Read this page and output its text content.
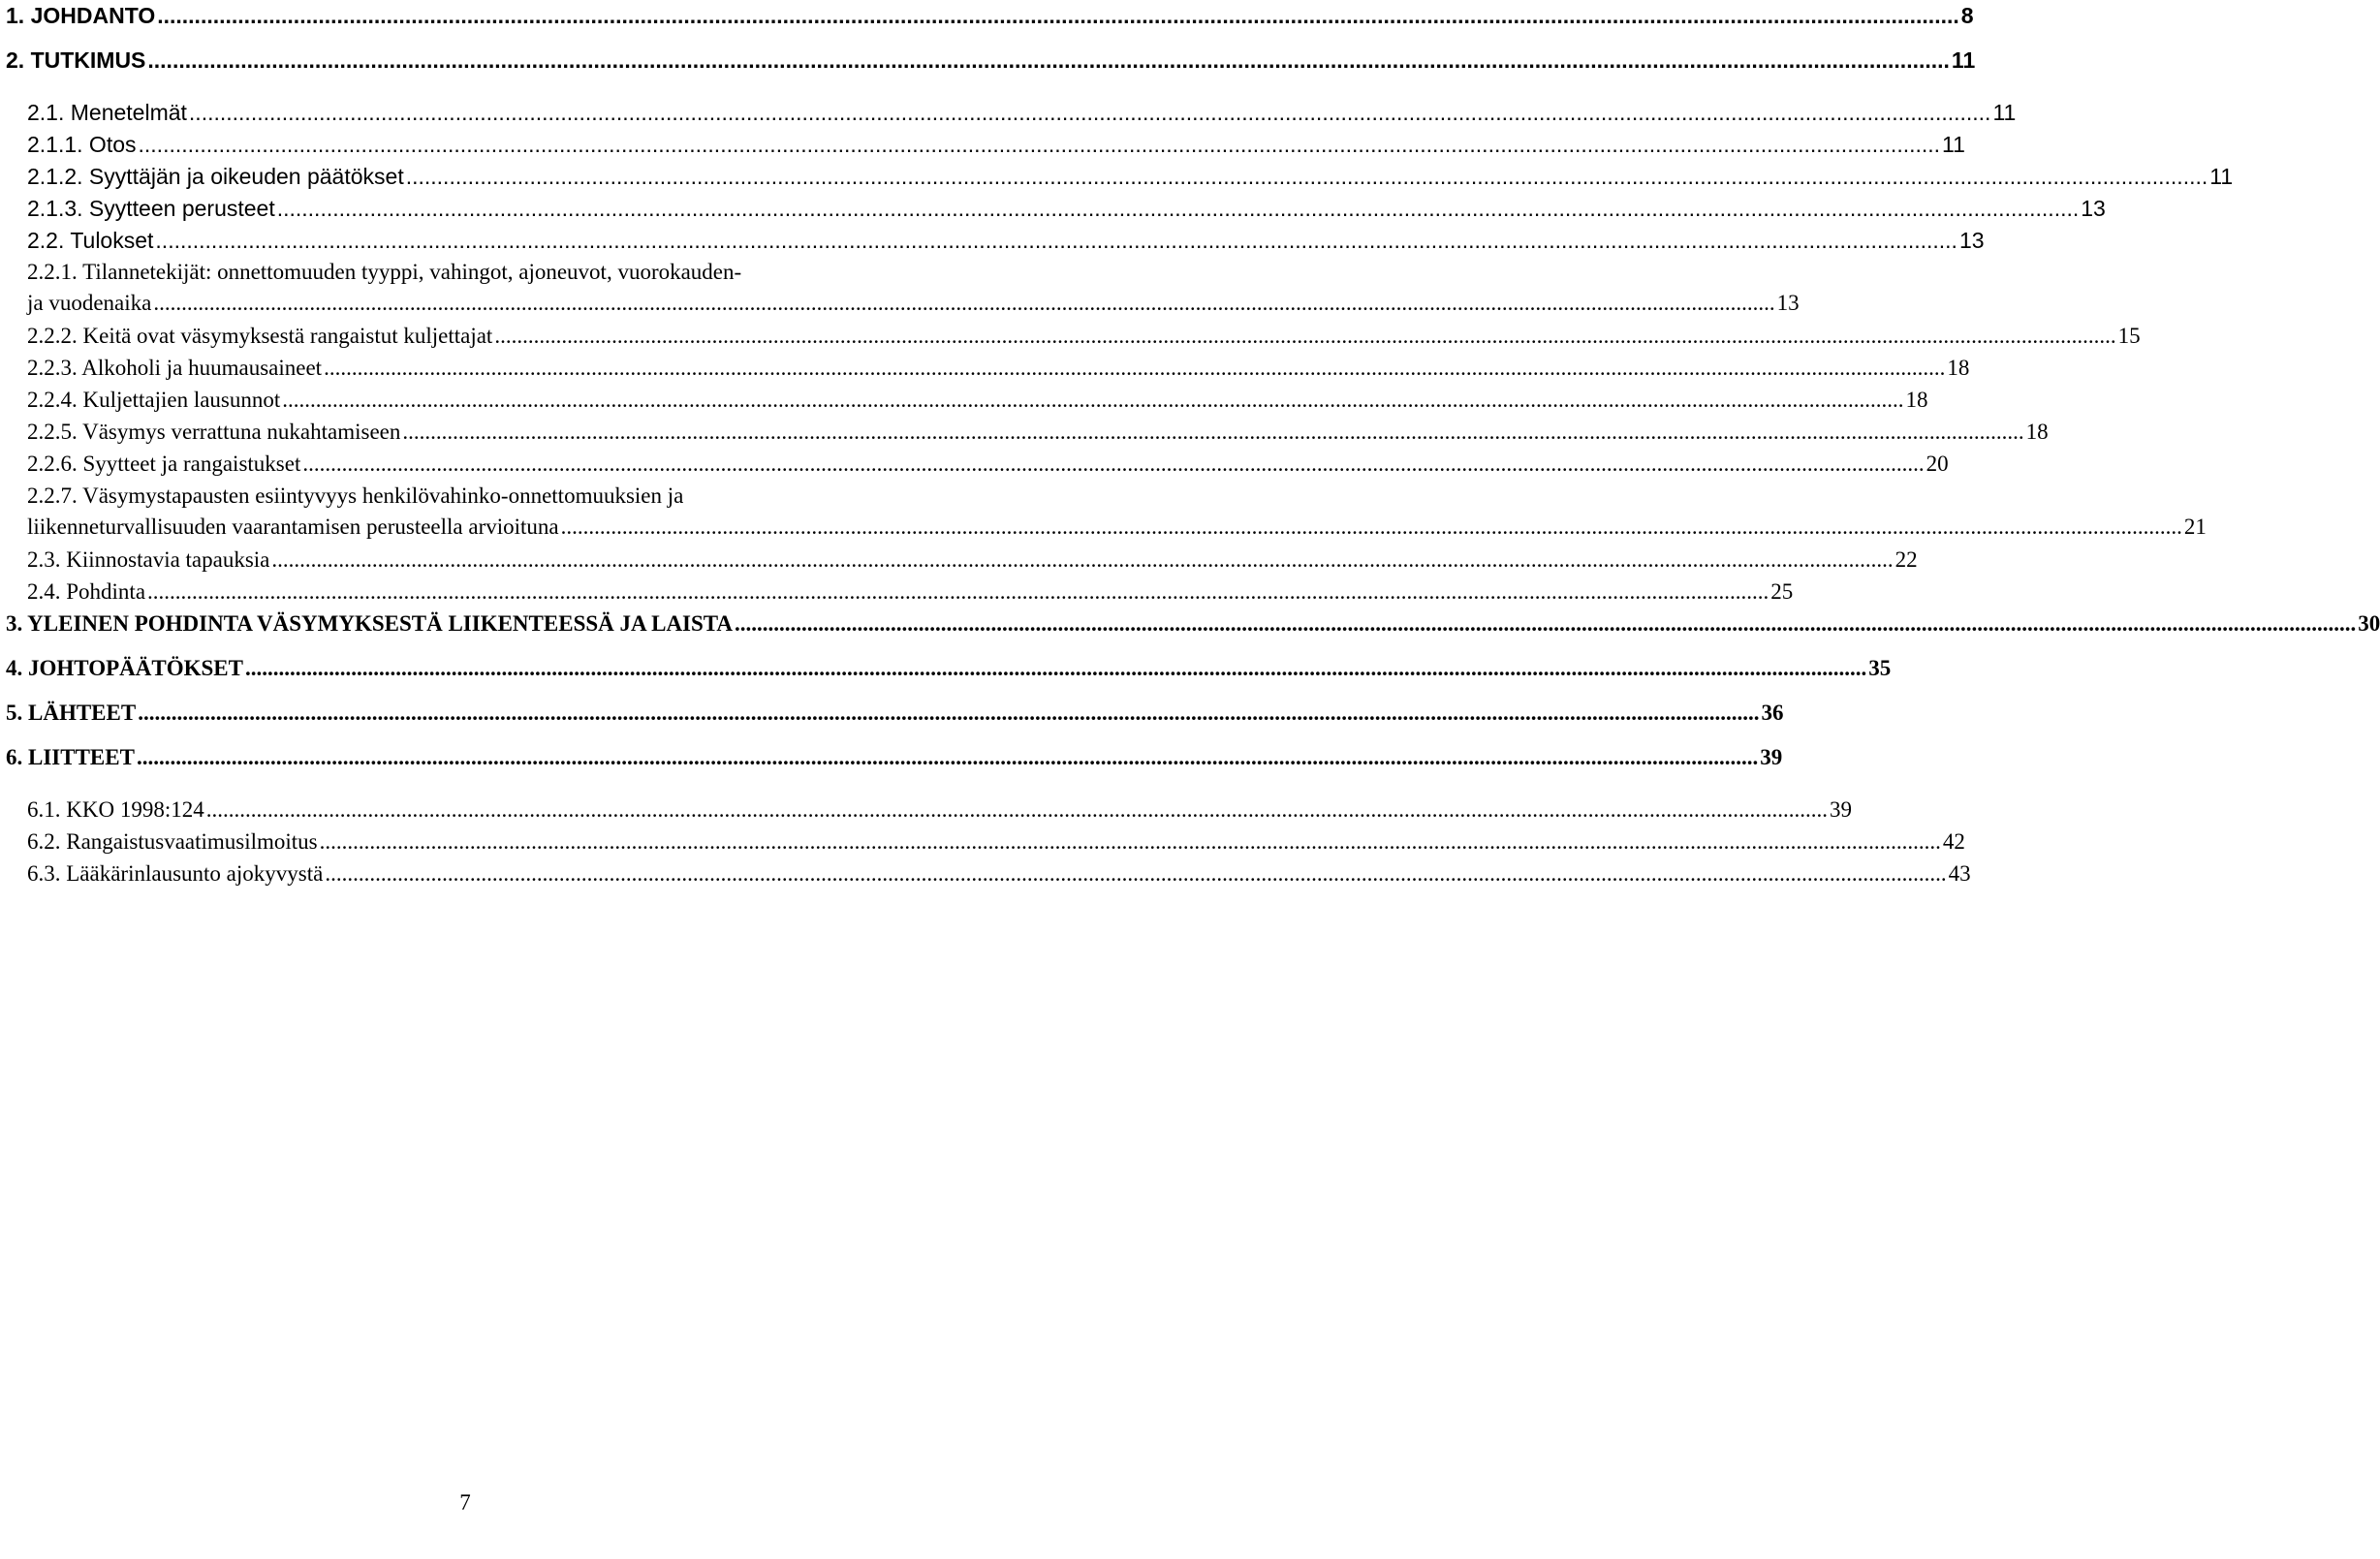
1. JOHDANTO .....	8
2. TUTKIMUS .....	11
2.1. Menetelmät .....	11
2.1.1. Otos .....	11
2.1.2. Syyttäjän ja oikeuden päätökset .....	11
2.1.3. Syytteen perusteet .....	13
2.2. Tulokset .....	13
2.2.1. Tilannetekijät: onnettomuuden tyyppi, vahingot, ajoneuvot, vuorokauden-
ja vuodenaika .....	13
2.2.2. Keitä ovat väsymyksestä rangaistut kuljettajat .....	15
2.2.3. Alkoholi ja huumausaineet .....	18
2.2.4. Kuljettajien lausunnot .....	18
2.2.5. Väsymys verrattuna nukahtamiseen .....	18
2.2.6. Syytteet ja rangaistukset .....	20
2.2.7. Väsymystapausten esiintyvyys henkilövahinko-onnettomuuksien ja
liikenneturvallisuuden vaarantamisen perusteella arvioituna .....	21
2.3. Kiinnostavia tapauksia .....	22
2.4. Pohdinta .....	25
3. YLEINEN POHDINTA VÄSYMYKSESTÄ LIIKENTEESSÄ JA LAISTA .....	30
4. JOHTOPÄÄTÖKSET .....	35
5. LÄHTEET .....	36
6. LIITTEET .....	39
6.1. KKO 1998:124 .....	39
6.2. Rangaistusvaatimusilmoitus .....	42
6.3. Lääkärinlausunto ajokyvystä .....	43
7
